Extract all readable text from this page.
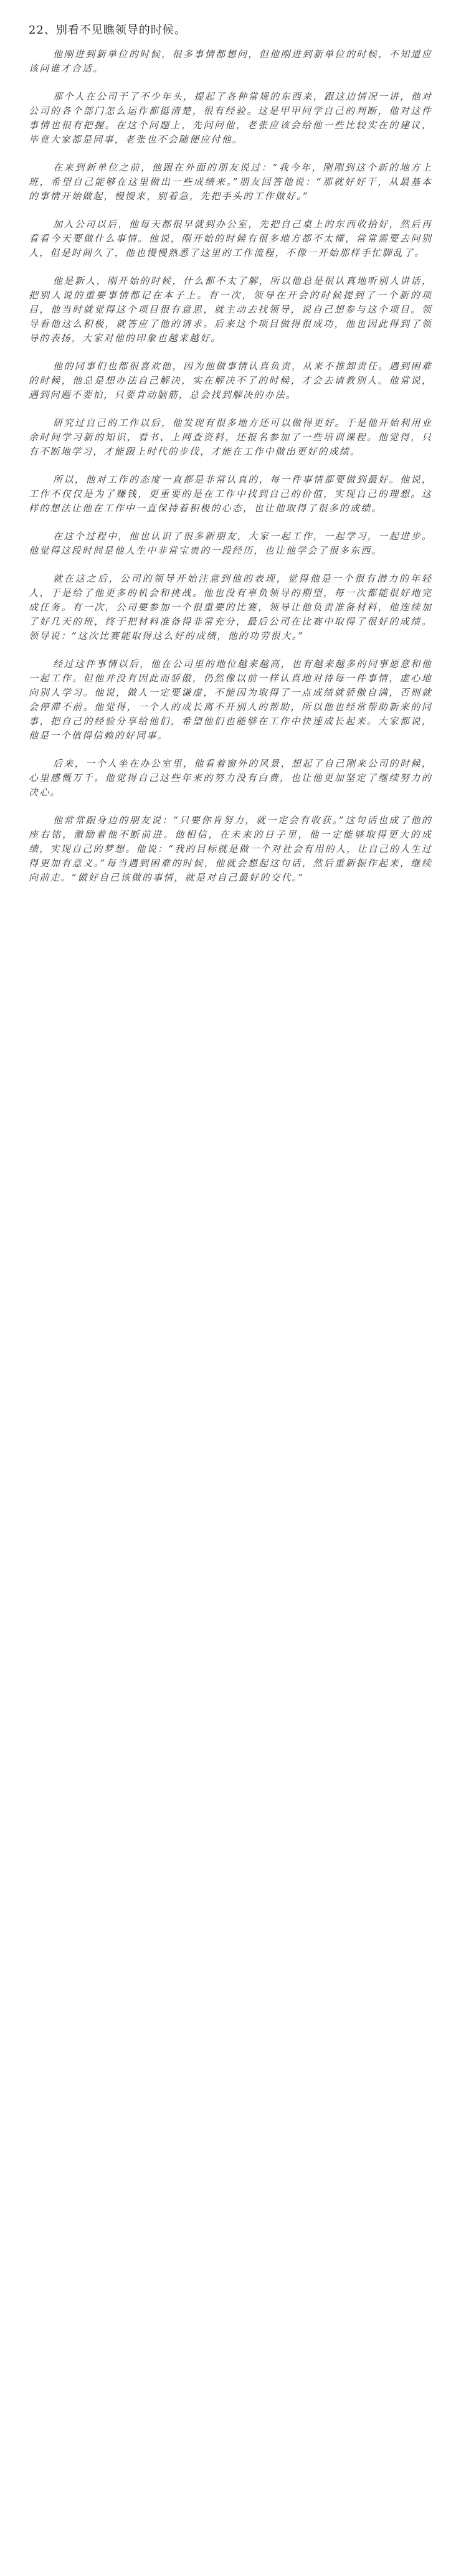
22、别看不见瞧领导的时候。

他刚进到新单位的时候，很多事情都想问，但他刚进到新单位的时候，不知道应该问谁才合适。

那个人在公司干了不少年头，提起了各种常规的东西来，跟这边情况一讲，他对公司的各个部门怎么运作都挺清楚，很有经验。这是甲甲同学自己的判断，他对这件事情也很有把握。在这个问题上，先问问他，老张应该会给他一些比较实在的建议，毕竟大家都是同事，老张也不会随便应付他。

在来到新单位之前，他跟在外面的朋友说过：“我今年，刚刚到这个新的地方上班，希望自己能够在这里做出一些成绩来。”朋友回答他说：“那就好好干，从最基本的事情开始做起，慢慢来，别着急，先把手头的工作做好。”

加入公司以后，他每天都很早就到办公室，先把自己桌上的东西收拾好，然后再看看今天要做什么事情。他说，刚开始的时候有很多地方都不太懂，常常需要去问别人，但是时间久了，他也慢慢熟悉了这里的工作流程，不像一开始那样手忙脚乱了。

他是新人，刚开始的时候，什么都不太了解，所以他总是很认真地听别人讲话，把别人说的重要事情都记在本子上。有一次，领导在开会的时候提到了一个新的项目，他当时就觉得这个项目很有意思，就主动去找领导，说自己想参与这个项目。领导看他这么积极，就答应了他的请求。后来这个项目做得很成功，他也因此得到了领导的表扬，大家对他的印象也越来越好。

他的同事们也都很喜欢他，因为他做事情认真负责，从来不推卸责任。遇到困难的时候，他总是想办法自己解决，实在解决不了的时候，才会去请教别人。他常说，遇到问题不要怕，只要肯动脑筋，总会找到解决的办法。

研究过自己的工作以后，他发现有很多地方还可以做得更好。于是他开始利用业余时间学习新的知识，看书、上网查资料，还报名参加了一些培训课程。他觉得，只有不断地学习，才能跟上时代的步伐，才能在工作中做出更好的成绩。

所以，他对工作的态度一直都是非常认真的，每一件事情都要做到最好。他说，工作不仅仅是为了赚钱，更重要的是在工作中找到自己的价值，实现自己的理想。这样的想法让他在工作中一直保持着积极的心态，也让他取得了很多的成绩。

在这个过程中，他也认识了很多新朋友，大家一起工作，一起学习，一起进步。他觉得这段时间是他人生中非常宝贵的一段经历，也让他学会了很多东西。

就在这之后，公司的领导开始注意到他的表现，觉得他是一个很有潜力的年轻人，于是给了他更多的机会和挑战。他也没有辜负领导的期望，每一次都能很好地完成任务。有一次，公司要参加一个很重要的比赛，领导让他负责准备材料，他连续加了好几天的班，终于把材料准备得非常充分，最后公司在比赛中取得了很好的成绩。领导说：“这次比赛能取得这么好的成绩，他的功劳很大。”

经过这件事情以后，他在公司里的地位越来越高，也有越来越多的同事愿意和他一起工作。但他并没有因此而骄傲，仍然像以前一样认真地对待每一件事情，虚心地向别人学习。他说，做人一定要谦虚，不能因为取得了一点成绩就骄傲自满，否则就会停滞不前。他觉得，一个人的成长离不开别人的帮助，所以他也经常帮助新来的同事，把自己的经验分享给他们，希望他们也能够在工作中快速成长起来。大家都说，他是一个值得信赖的好同事。

后来，一个人坐在办公室里，他看着窗外的风景，想起了自己刚来公司的时候，心里感慨万千。他觉得自己这些年来的努力没有白费，也让他更加坚定了继续努力的决心。

他常常跟身边的朋友说：“只要你肯努力，就一定会有收获。”这句话也成了他的座右铭，激励着他不断前进。他相信，在未来的日子里，他一定能够取得更大的成绩，实现自己的梦想。他说：“我的目标就是做一个对社会有用的人，让自己的人生过得更加有意义。”每当遇到困难的时候，他就会想起这句话，然后重新振作起来，继续向前走。“做好自己该做的事情，就是对自己最好的交代。”
